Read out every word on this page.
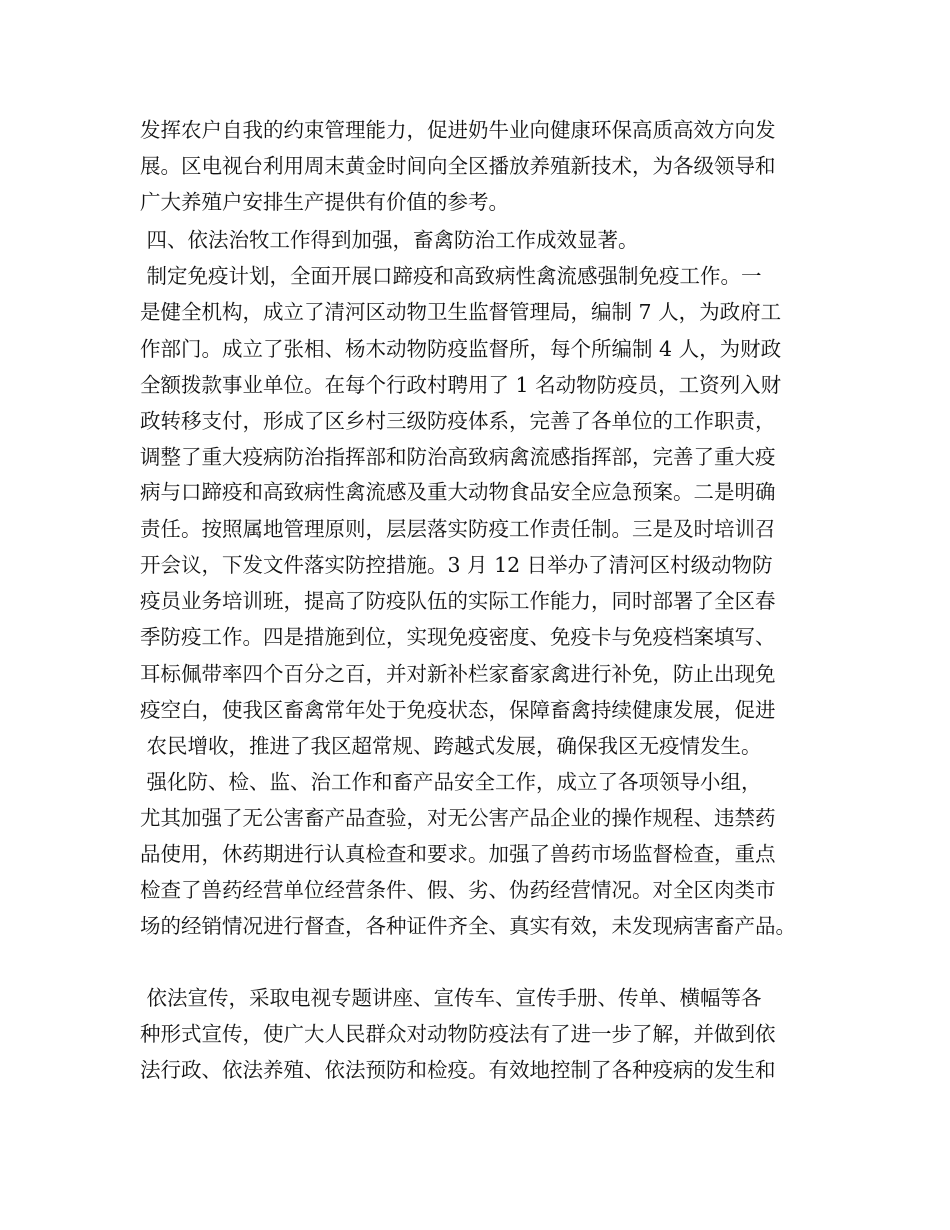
发挥农户自我的约束管理能力，促进奶牛业向健康环保高质高效方向发

展。区电视台利用周末黄金时间向全区播放养殖新技术，为各级领导和

广大养殖户安排生产提供有价值的参考。

四、依法治牧工作得到加强，畜禽防治工作成效显著。

制定免疫计划，全面开展口蹄疫和高致病性禽流感强制免疫工作。一

是健全机构，成立了清河区动物卫生监督管理局，编制 7 人，为政府工

作部门。成立了张相、杨木动物防疫监督所，每个所编制 4 人，为财政

全额拨款事业单位。在每个行政村聘用了 1 名动物防疫员，工资列入财

政转移支付，形成了区乡村三级防疫体系，完善了各单位的工作职责，

调整了重大疫病防治指挥部和防治高致病禽流感指挥部，完善了重大疫

病与口蹄疫和高致病性禽流感及重大动物食品安全应急预案。二是明确

责任。按照属地管理原则，层层落实防疫工作责任制。三是及时培训召

开会议，下发文件落实防控措施。3 月 12 日举办了清河区村级动物防

疫员业务培训班，提高了防疫队伍的实际工作能力，同时部署了全区春

季防疫工作。四是措施到位，实现免疫密度、免疫卡与免疫档案填写、

耳标佩带率四个百分之百，并对新补栏家畜家禽进行补免，防止出现免

疫空白，使我区畜禽常年处于免疫状态，保障畜禽持续健康发展，促进

农民增收，推进了我区超常规、跨越式发展，确保我区无疫情发生。

强化防、检、监、治工作和畜产品安全工作，成立了各项领导小组，

尤其加强了无公害畜产品查验，对无公害产品企业的操作规程、违禁药

品使用，休药期进行认真检查和要求。加强了兽药市场监督检查，重点

检查了兽药经营单位经营条件、假、劣、伪药经营情况。对全区肉类市

场的经销情况进行督查，各种证件齐全、真实有效，未发现病害畜产品。

依法宣传，采取电视专题讲座、宣传车、宣传手册、传单、横幅等各

种形式宣传，使广大人民群众对动物防疫法有了进一步了解，并做到依

法行政、依法养殖、依法预防和检疫。有效地控制了各种疫病的发生和
